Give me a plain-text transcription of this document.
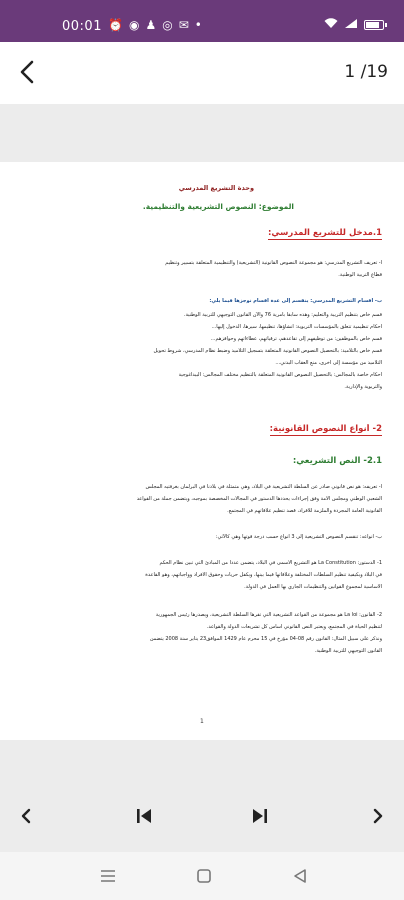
00:01 ⏰ ◉ ♟ ◎ ✉ •
1 /19
وحدة التشريع المدرسي
الموضوع: النصوص التشريعية والتنظيمية.
1.مدخل للتشريع المدرسي:
أ- تعريف التشريع المدرسي: هو مجموعة النصوص القانونية (التشريعية) والتنظيمية المتعلقة بتسيير وتنظيم
قطاع التربية الوطنية.
ب- أقسام التشريع المدرسي: ينقسم إلى عدة أقسام نوجزها فيما يلي:
قسم خاص بتنظيم التربية والتعليم: وهذه سابقا بأمرية 76 والآن القانون التوجيهي للتربية الوطنية.
أحكام تنظيمية تتعلق بالمؤسسات التربوية: أنشاؤها، تنظيمها، سيرها، الدخول إليها...
قسم خاص بالموظفين: من توظيفهم إلى تقاعدهم، ترقياتهم، عطاءاتهم وحوافزهم...
قسم خاص بالتلاميذ: بالتحصيل النصوص القانونية المتعلقة بتسجيل التلاميذ وضبط نظام المدرسي، شروط تحويل
التلاميذ من مؤسسة إلى أخرى، منع العقاب البدني...
أحكام خاصة بالمجالس: بالتحصيل النصوص القانونية المتعلقة بالتنظيم مختلف المجالس: البيداغوجية
والتربوية والإدارية.
2- أنواع النصوص القانونية:
2.1- النص التشريعي:
أ- تعريفه: هو نص قانوني صادر عن السلطة التشريعية في البلاد، وهي متمثلة في بلادنا في البرلمان بغرفتيه المجلس
الشعبي الوطني ومجلس الأمة وفق إجراءات يحددها الدستور في المجالات المخصصة بموجبه، ويتضمن جملة من القواعد
القانونية العامة المجردة والملزمة للأفراد، قصد تنظيم علاقاتهم في المجتمع.
ب- أنواعه: تنقسم النصوص التشريعية إلى 3 أنواع حسب درجة قوتها وهي كالآتي:
1- الدستور: La Constitution هو التشريع الأسمى في البلاد، يتضمن عددا من المبادئ التي تبين نظام الحكم
في البلاد ويكيفية تنظيم السلطات المختلفة وعلاقاتها فيما بينها، ويكفل حريات وحقوق الأفراد وواجباتهم، وهو القاعدة
الأساسية لمجموع القوانين والتنظيمات الجاري بها العمل في الدولة.
2- القانون: La loi هو مجموعة من القواعد التشريعية التي تقرها السلطة التشريعية، ويصدرها رئيس الجمهورية
لتنظيم الحياة في المجتمع، ويعتبر النص القانوني أساس كل تشريعات الدولة والقواعد.
ونذكر على سبيل المثال: القانون رقم 08-04 مؤرخ في 15 محرم عام 1429 الموافق23 يناير سنة 2008 يتضمن
القانون التوجيهي للتربية الوطنية.
1
